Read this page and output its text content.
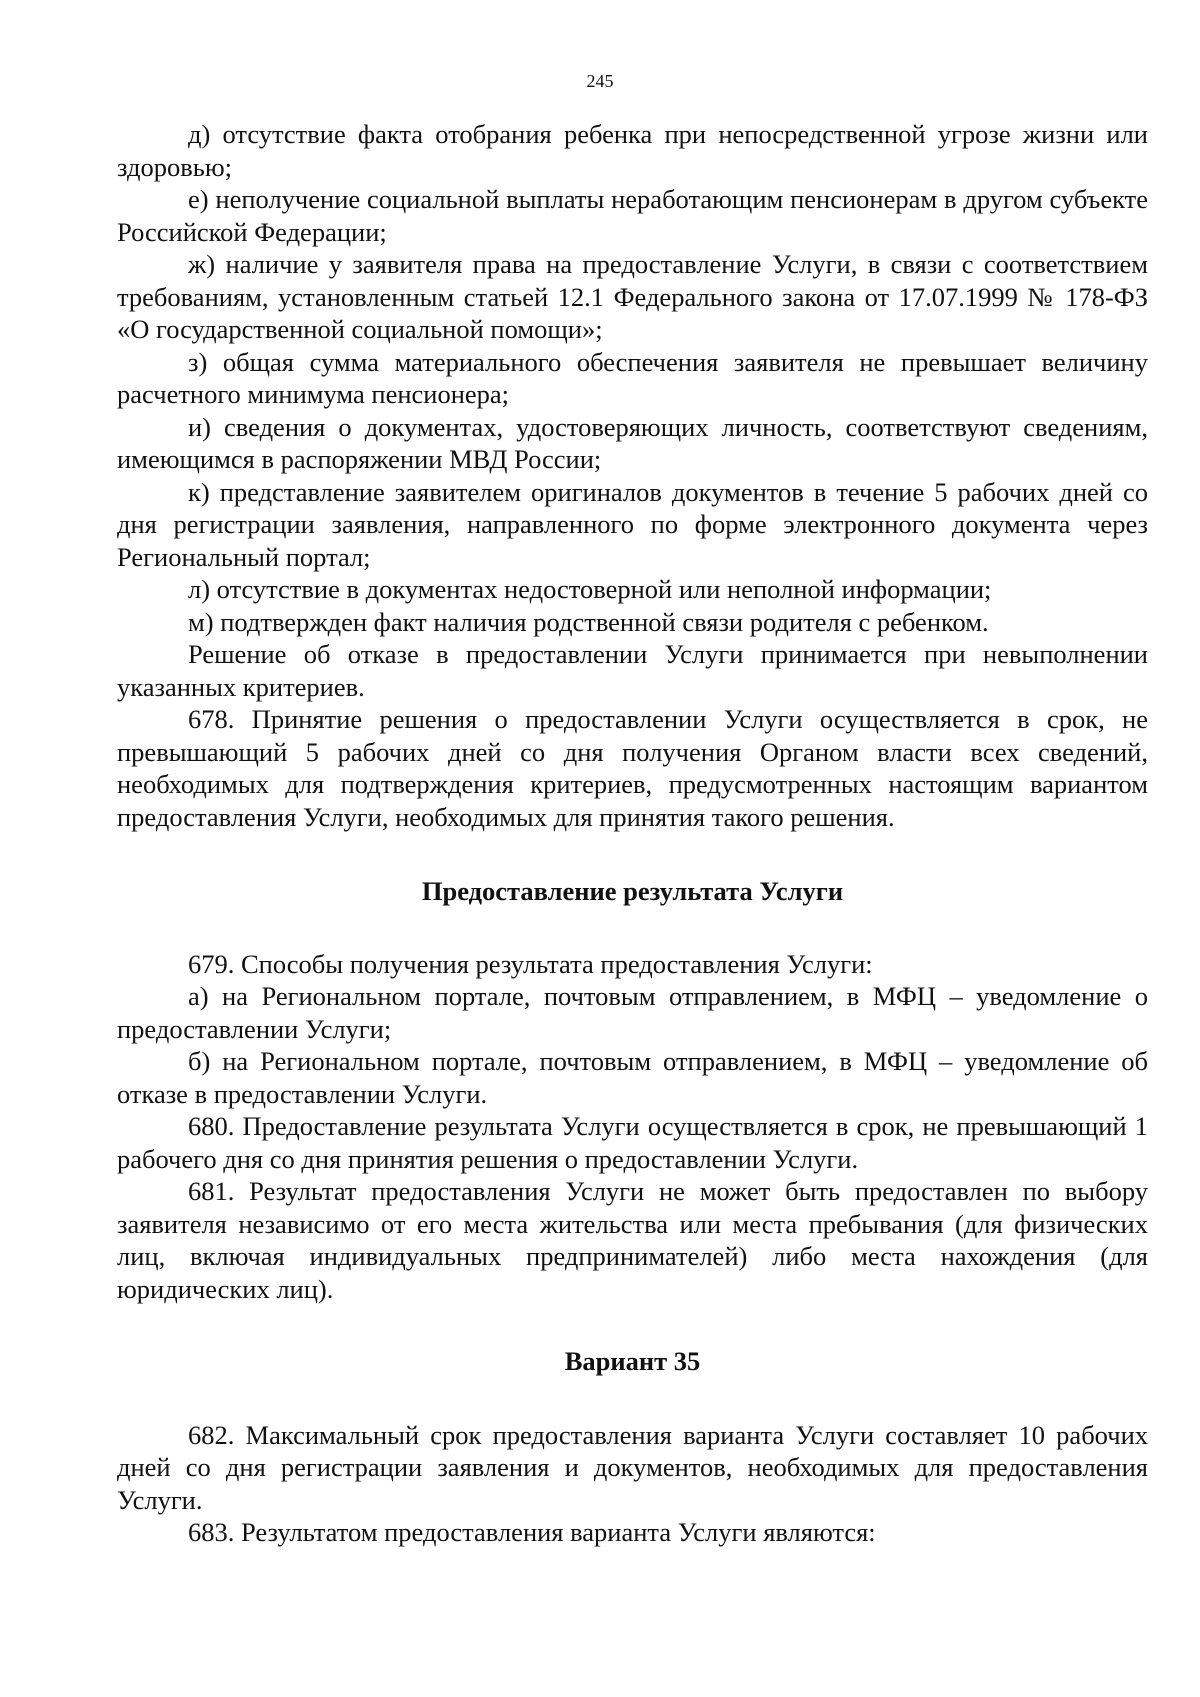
245

д) отсутствие факта отобрания ребенка при непосредственной угрозе жизни или здоровью;

е) неполучение социальной выплаты неработающим пенсионерам в другом субъекте Российской Федерации;

ж) наличие у заявителя права на предоставление Услуги, в связи с соответствием требованиям, установленным статьей 12.1 Федерального закона от 17.07.1999 № 178-ФЗ «О государственной социальной помощи»;

з) общая сумма материального обеспечения заявителя не превышает величину расчетного минимума пенсионера;

и) сведения о документах, удостоверяющих личность, соответствуют сведениям, имеющимся в распоряжении МВД России;

к) представление заявителем оригиналов документов в течение 5 рабочих дней со дня регистрации заявления, направленного по форме электронного документа через Региональный портал;

л) отсутствие в документах недостоверной или неполной информации;

м) подтвержден факт наличия родственной связи родителя с ребенком.

Решение об отказе в предоставлении Услуги принимается при невыполнении указанных критериев.

678. Принятие решения о предоставлении Услуги осуществляется в срок, не превышающий 5 рабочих дней со дня получения Органом власти всех сведений, необходимых для подтверждения критериев, предусмотренных настоящим вариантом предоставления Услуги, необходимых для принятия такого решения.

Предоставление результата Услуги

679. Способы получения результата предоставления Услуги:

а) на Региональном портале, почтовым отправлением, в МФЦ – уведомление о предоставлении Услуги;

б) на Региональном портале, почтовым отправлением, в МФЦ – уведомление об отказе в предоставлении Услуги.

680. Предоставление результата Услуги осуществляется в срок, не превышающий 1 рабочего дня со дня принятия решения о предоставлении Услуги.

681. Результат предоставления Услуги не может быть предоставлен по выбору заявителя независимо от его места жительства или места пребывания (для физических лиц, включая индивидуальных предпринимателей) либо места нахождения (для юридических лиц).

Вариант 35

682. Максимальный срок предоставления варианта Услуги составляет 10 рабочих дней со дня регистрации заявления и документов, необходимых для предоставления Услуги.

683. Результатом предоставления варианта Услуги являются:
